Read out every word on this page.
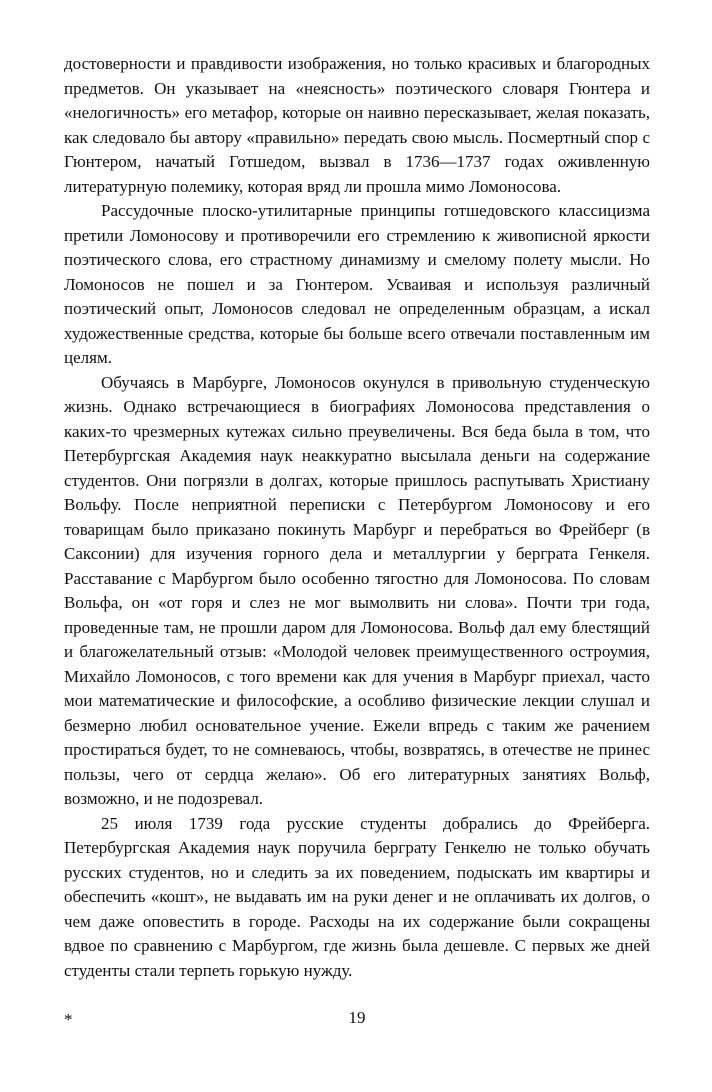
достоверности и правдивости изображения, но только красивых и благородных предметов. Он указывает на «неясность» поэтического словаря Гюнтера и «нелогичность» его метафор, которые он наивно пересказывает, желая показать, как следовало бы автору «правильно» передать свою мысль. Посмертный спор с Гюнтером, начатый Готшедом, вызвал в 1736—1737 годах оживленную литературную полемику, которая вряд ли прошла мимо Ломоносова.

Рассудочные плоско-утилитарные принципы готшедовского классицизма претили Ломоносову и противоречили его стремлению к живописной яркости поэтического слова, его страстному динамизму и смелому полету мысли. Но Ломоносов не пошел и за Гюнтером. Усваивая и используя различный поэтический опыт, Ломоносов следовал не определенным образцам, а искал художественные средства, которые бы больше всего отвечали поставленным им целям.

Обучаясь в Марбурге, Ломоносов окунулся в привольную студенческую жизнь. Однако встречающиеся в биографиях Ломоносова представления о каких-то чрезмерных кутежах сильно преувеличены. Вся беда была в том, что Петербургская Академия наук неаккуратно высылала деньги на содержание студентов. Они погрязли в долгах, которые пришлось распутывать Христиану Вольфу. После неприятной переписки с Петербургом Ломоносову и его товарищам было приказано покинуть Марбург и перебраться во Фрейберг (в Саксонии) для изучения горного дела и металлургии у берграта Генкеля. Расставание с Марбургом было особенно тягостно для Ломоносова. По словам Вольфа, он «от горя и слез не мог вымолвить ни слова». Почти три года, проведенные там, не прошли даром для Ломоносова. Вольф дал ему блестящий и благожелательный отзыв: «Молодой человек преимущественного остроумия, Михайло Ломоносов, с того времени как для учения в Марбург приехал, часто мои математические и философские, а особливо физические лекции слушал и безмерно любил основательное учение. Ежели впредь с таким же рачением простираться будет, то не сомневаюсь, чтобы, возвратясь, в отечестве не принес пользы, чего от сердца желаю». Об его литературных занятиях Вольф, возможно, и не подозревал.

25 июля 1739 года русские студенты добрались до Фрейберга. Петербургская Академия наук поручила берграту Генкелю не только обучать русских студентов, но и следить за их поведением, подыскать им квартиры и обеспечить «кошт», не выдавать им на руки денег и не оплачивать их долгов, о чем даже оповестить в городе. Расходы на их содержание были сокращены вдвое по сравнению с Марбургом, где жизнь была дешевле. С первых же дней студенты стали терпеть горькую нужду.

*	19
